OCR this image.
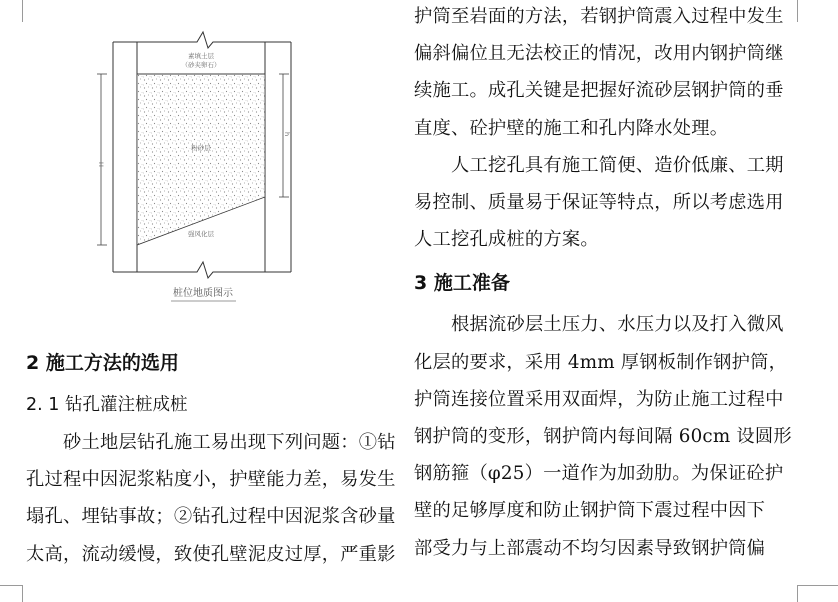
素填土层
（砂夹卵石）
粉砂层
强风化层
H
h
桩位地质图示

2 施工方法的选用

2. 1 钻孔灌注桩成桩

砂土地层钻孔施工易出现下列问题：①钻

孔过程中因泥浆粘度小，护壁能力差，易发生

塌孔、埋钻事故；②钻孔过程中因泥浆含砂量

太高，流动缓慢，致使孔壁泥皮过厚，严重影

护筒至岩面的方法，若钢护筒震入过程中发生

偏斜偏位且无法校正的情况，改用内钢护筒继

续施工。成孔关键是把握好流砂层钢护筒的垂

直度、砼护壁的施工和孔内降水处理。

人工挖孔具有施工简便、造价低廉、工期

易控制、质量易于保证等特点，所以考虑选用

人工挖孔成桩的方案。

3 施工准备

根据流砂层土压力、水压力以及打入微风

化层的要求，采用 4mm 厚钢板制作钢护筒，

护筒连接位置采用双面焊，为防止施工过程中

钢护筒的变形，钢护筒内每间隔 60cm 设圆形

钢筋箍（φ25）一道作为加劲肋。为保证砼护

壁的足够厚度和防止钢护筒下震过程中因下

部受力与上部震动不均匀因素导致钢护筒偏
